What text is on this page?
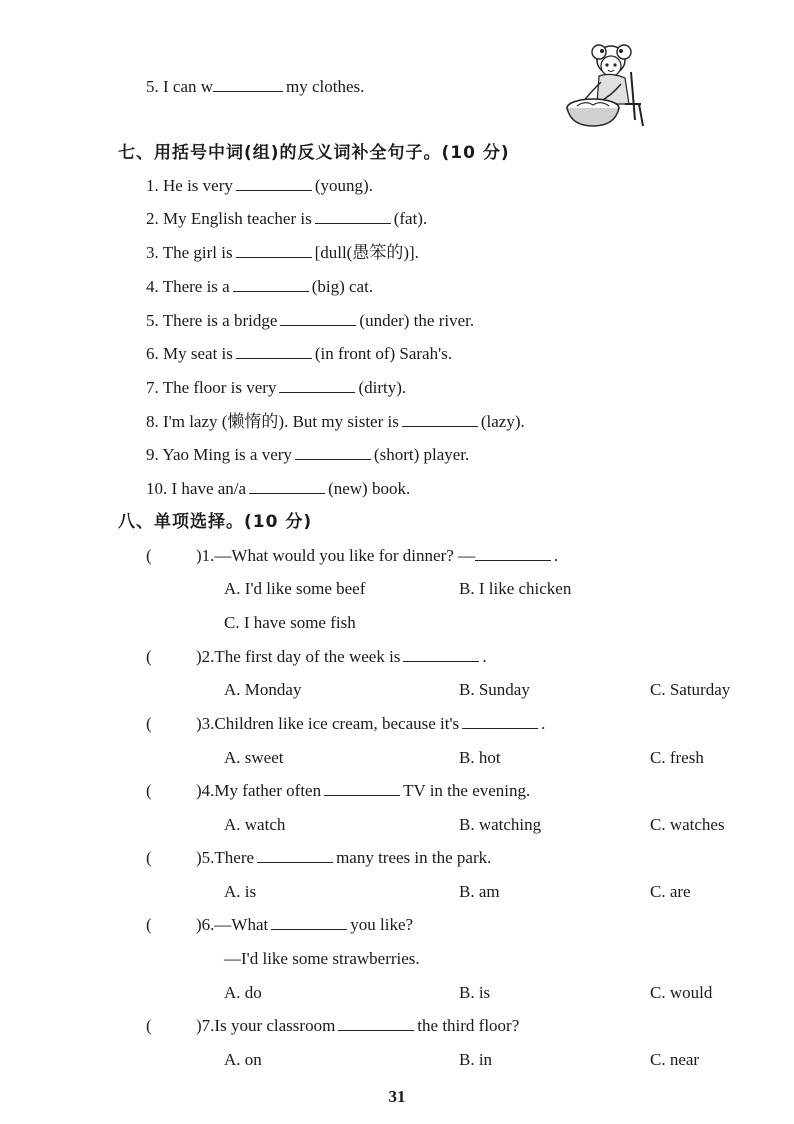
5. I can w	my clothes.
七、用括号中词(组)的反义词补全句子。(10 分)
1. He is very	(young).
2. My English teacher is	(fat).
3. The girl is	[dull(愚笨的)].
4. There is a	(big) cat.
5. There is a bridge	(under) the river.
6. My seat is	(in front of) Sarah's.
7. The floor is very	(dirty).
8. I'm lazy (懒惰的). But my sister is	(lazy).
9. Yao Ming is a very	(short) player.
10. I have an/a	(new) book.
八、单项选择。(10 分)
(	)1.—What would you like for dinner? —	.
A. I'd like some beef	B. I like chicken
C. I have some fish
(	)2.The first day of the week is	.
A. Monday	B. Sunday	C. Saturday
(	)3.Children like ice cream, because it's	.
A. sweet	B. hot	C. fresh
(	)4.My father often	TV in the evening.
A. watch	B. watching	C. watches
(	)5.There	many trees in the park.
A. is	B. am	C. are
(	)6.—What	you like?
—I'd like some strawberries.
A. do	B. is	C. would
(	)7.Is your classroom	the third floor?
A. on	B. in	C. near
31
